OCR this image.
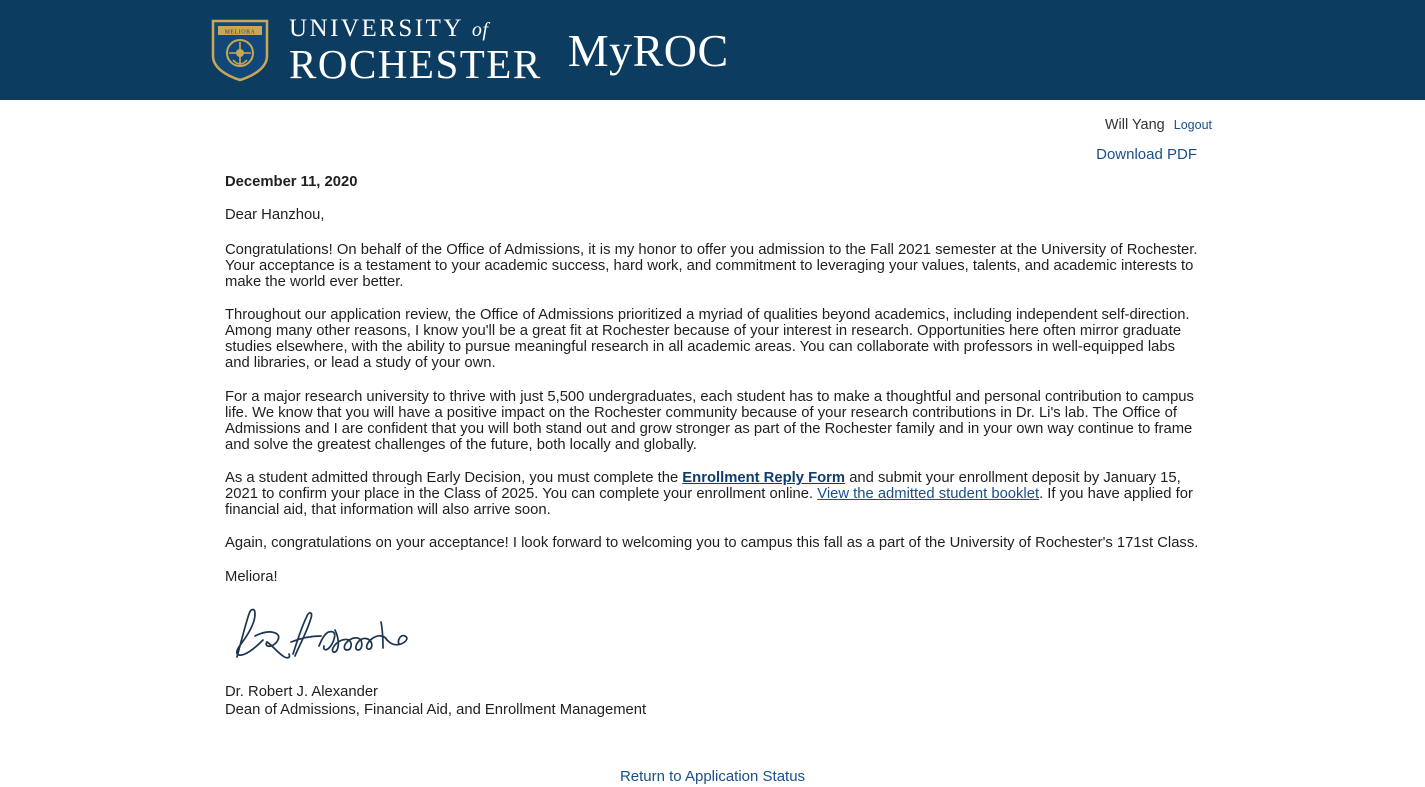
MELIORA UNIVERSITY of
ROCHESTER MyROC
Will Yang Logout
Download PDF
December 11, 2020
Dear Hanzhou,

Congratulations! On behalf of the Office of Admissions, it is my honor to offer you admission to the Fall 2021 semester at the University of Rochester. Your acceptance is a testament to your academic success, hard work, and commitment to leveraging your values, talents, and academic interests to make the world ever better.

Throughout our application review, the Office of Admissions prioritized a myriad of qualities beyond academics, including independent self-direction. Among many other reasons, I know you'll be a great fit at Rochester because of your interest in research. Opportunities here often mirror graduate studies elsewhere, with the ability to pursue meaningful research in all academic areas. You can collaborate with professors in well-equipped labs and libraries, or lead a study of your own.

For a major research university to thrive with just 5,500 undergraduates, each student has to make a thoughtful and personal contribution to campus life. We know that you will have a positive impact on the Rochester community because of your research contributions in Dr. Li's lab. The Office of Admissions and I are confident that you will both stand out and grow stronger as part of the Rochester family and in your own way continue to frame and solve the greatest challenges of the future, both locally and globally.

As a student admitted through Early Decision, you must complete the Enrollment Reply Form and submit your enrollment deposit by January 15, 2021 to confirm your place in the Class of 2025. You can complete your enrollment online. View the admitted student booklet. If you have applied for financial aid, that information will also arrive soon.

Again, congratulations on your acceptance! I look forward to welcoming you to campus this fall as a part of the University of Rochester's 171st Class.

Meliora!

Dr. Robert J. Alexander
Dean of Admissions, Financial Aid, and Enrollment Management
Return to Application Status
